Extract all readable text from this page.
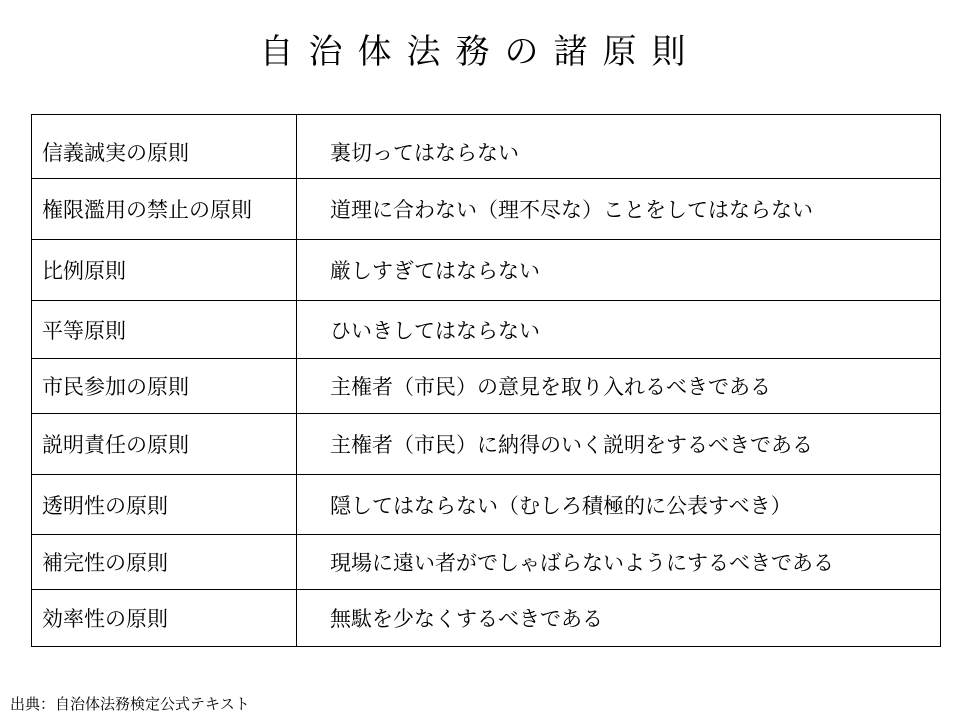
自治体法務の諸原則
信義誠実の原則	裏切ってはならない
権限濫用の禁止の原則	道理に合わない（理不尽な）ことをしてはならない
比例原則	厳しすぎてはならない
平等原則	ひいきしてはならない
市民参加の原則	主権者（市民）の意見を取り入れるべきである
説明責任の原則	主権者（市民）に納得のいく説明をするべきである
透明性の原則	隠してはならない（むしろ積極的に公表すべき）
補完性の原則	現場に遠い者がでしゃばらないようにするべきである
効率性の原則	無駄を少なくするべきである
出典：自治体法務検定公式テキスト
